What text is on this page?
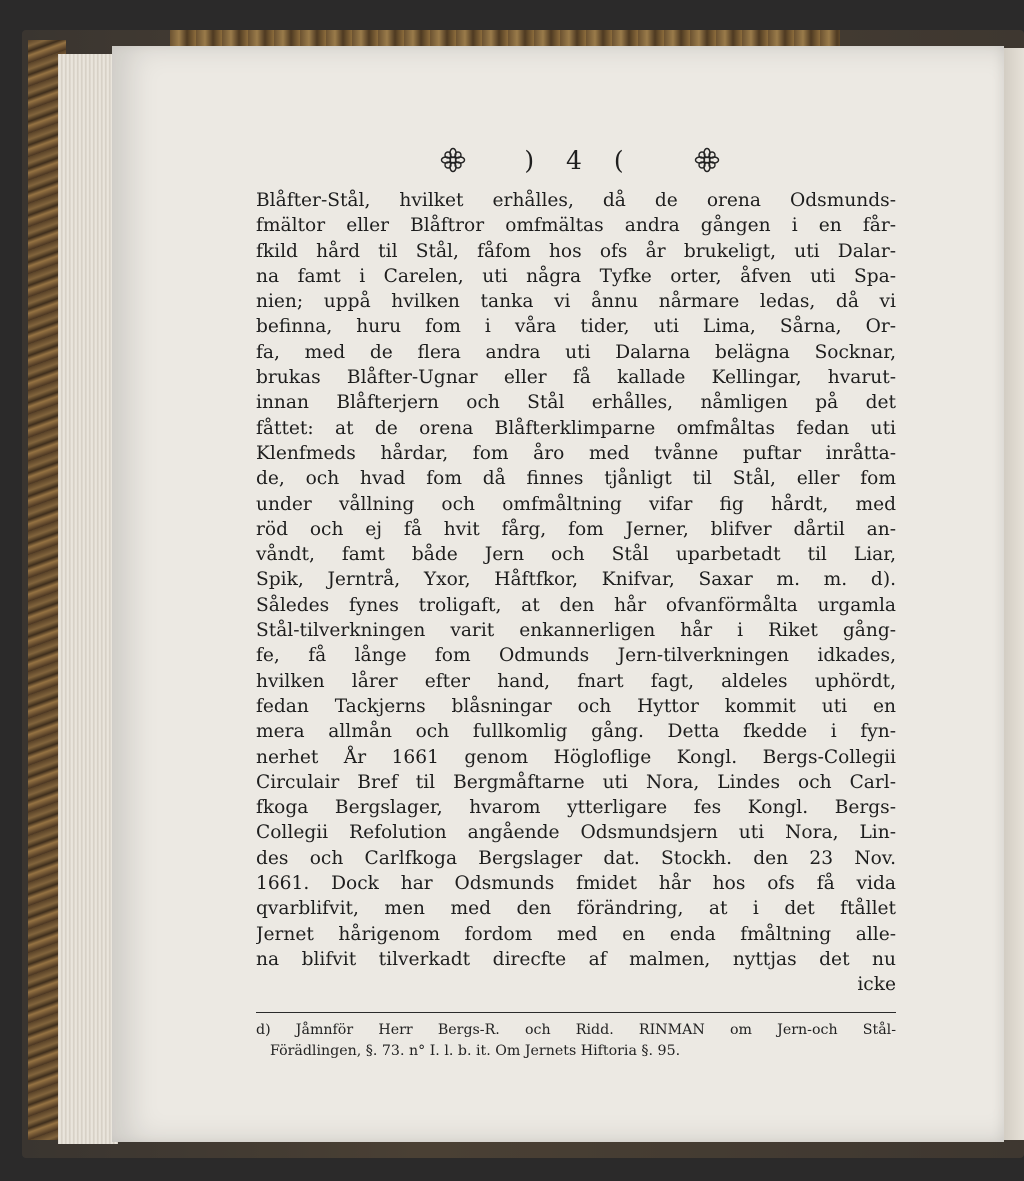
) 4 (
Blåfter-Stål, hvilket erhålles, då de orena Odsmunds-
fmältor eller Blåftror omfmältas andra gången i en får-
fkild hård til Stål, fåfom hos ofs år brukeligt, uti Dalar-
na famt i Carelen, uti några Tyfke orter, åfven uti Spa-
nien; uppå hvilken tanka vi ånnu nårmare ledas, då vi
befinna, huru fom i våra tider, uti Lima, Sårna, Or-
fa, med de flera andra uti Dalarna belägna Socknar,
brukas Blåfter-Ugnar eller få kallade Kellingar, hvarut-
innan Blåfterjern och Stål erhålles, nåmligen på det
fåttet: at de orena Blåfterklimparne omfmåltas fedan uti
Klenfmeds hårdar, fom åro med tvånne puftar inråtta-
de, och hvad fom då finnes tjånligt til Stål, eller fom
under vållning och omfmåltning vifar fig hårdt, med
röd och ej få hvit fårg, fom Jerner, blifver dårtil an-
våndt, famt både Jern och Stål uparbetadt til Liar,
Spik, Jerntrå, Yxor, Håftfkor, Knifvar, Saxar m. m. d).
Således fynes troligaft, at den hår ofvanförmålta urgamla
Stål-tilverkningen varit enkannerligen hår i Riket gång-
fe, få långe fom Odmunds Jern-tilverkningen idkades,
hvilken lårer efter hand, fnart fagt, aldeles uphördt,
fedan Tackjerns blåsningar och Hyttor kommit uti en
mera allmån och fullkomlig gång. Detta fkedde i fyn-
nerhet År 1661 genom Högloflige Kongl. Bergs-Collegii
Circulair Bref til Bergmåftarne uti Nora, Lindes och Carl-
fkoga Bergslager, hvarom ytterligare fes Kongl. Bergs-
Collegii Refolution angående Odsmundsjern uti Nora, Lin-
des och Carlfkoga Bergslager dat. Stockh. den 23 Nov.
1661. Dock har Odsmunds fmidet hår hos ofs få vida
qvarblifvit, men med den förändring, at i det ftållet
Jernet hårigenom fordom med en enda fmåltning alle-
na blifvit tilverkadt direcfte af malmen, nyttjas det nu
icke
d) Jåmnför Herr Bergs-R. och Ridd. RINMAN om Jern-och Stål-
Förädlingen, §. 73. n° I. l. b. it. Om Jernets Hiftoria §. 95.
